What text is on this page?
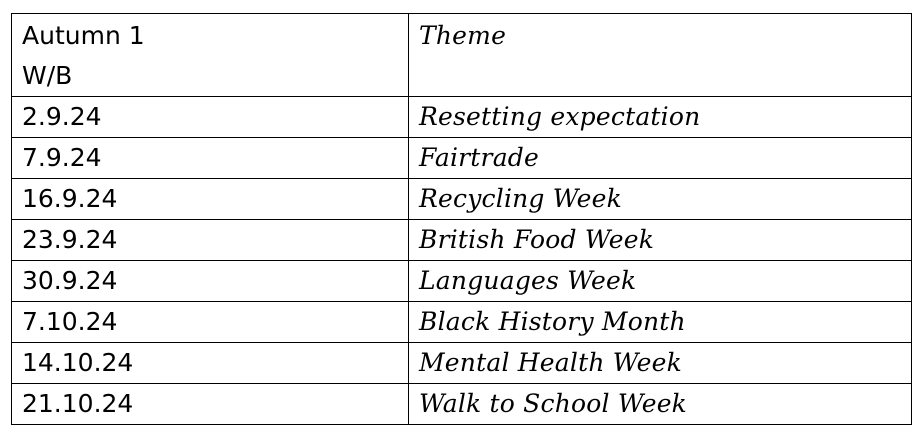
Autumn 1
W/B	Theme
2.9.24	Resetting expectation
7.9.24	Fairtrade
16.9.24	Recycling Week
23.9.24	British Food Week
30.9.24	Languages Week
7.10.24	Black History Month
14.10.24	Mental Health Week
21.10.24	Walk to School Week
